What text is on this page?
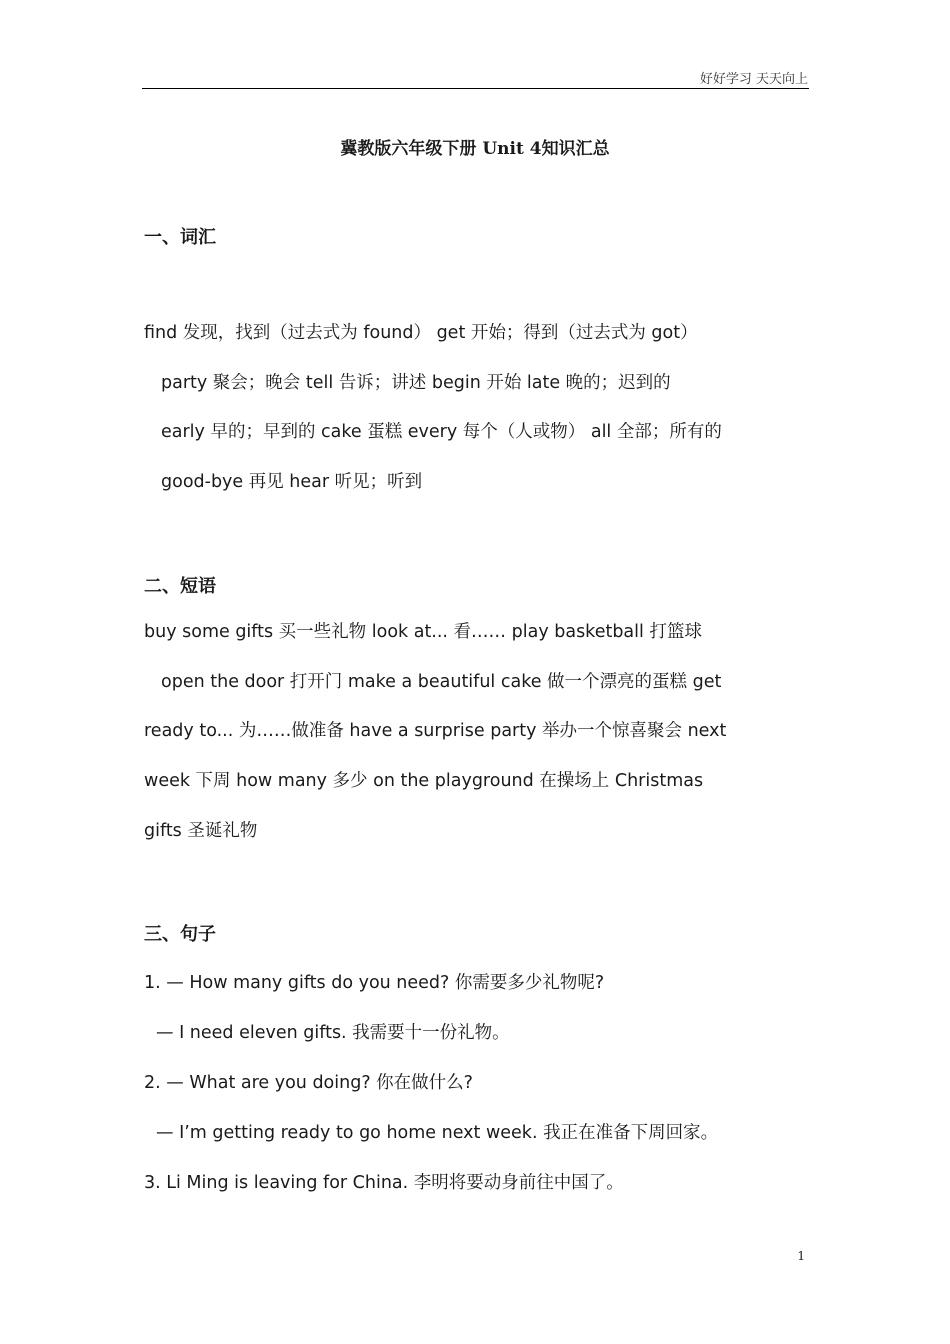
好好学习 天天向上
冀教版六年级下册 Unit 4知识汇总
一、词汇
find 发现，找到（过去式为 found） get 开始；得到（过去式为 got）
party 聚会；晚会 tell 告诉；讲述 begin 开始 late 晚的；迟到的
early 早的；早到的 cake 蛋糕 every 每个（人或物） all 全部；所有的
good-bye 再见 hear 听见；听到
二、短语
buy some gifts 买一些礼物 look at... 看…… play basketball 打篮球
open the door 打开门 make a beautiful cake 做一个漂亮的蛋糕 get
ready to... 为……做准备 have a surprise party 举办一个惊喜聚会 next
week 下周 how many 多少 on the playground 在操场上 Christmas
gifts 圣诞礼物
三、句子
1. — How many gifts do you need? 你需要多少礼物呢?
— I need eleven gifts. 我需要十一份礼物。
2. — What are you doing? 你在做什么?
— I’m getting ready to go home next week. 我正在准备下周回家。
3. Li Ming is leaving for China. 李明将要动身前往中国了。
1
